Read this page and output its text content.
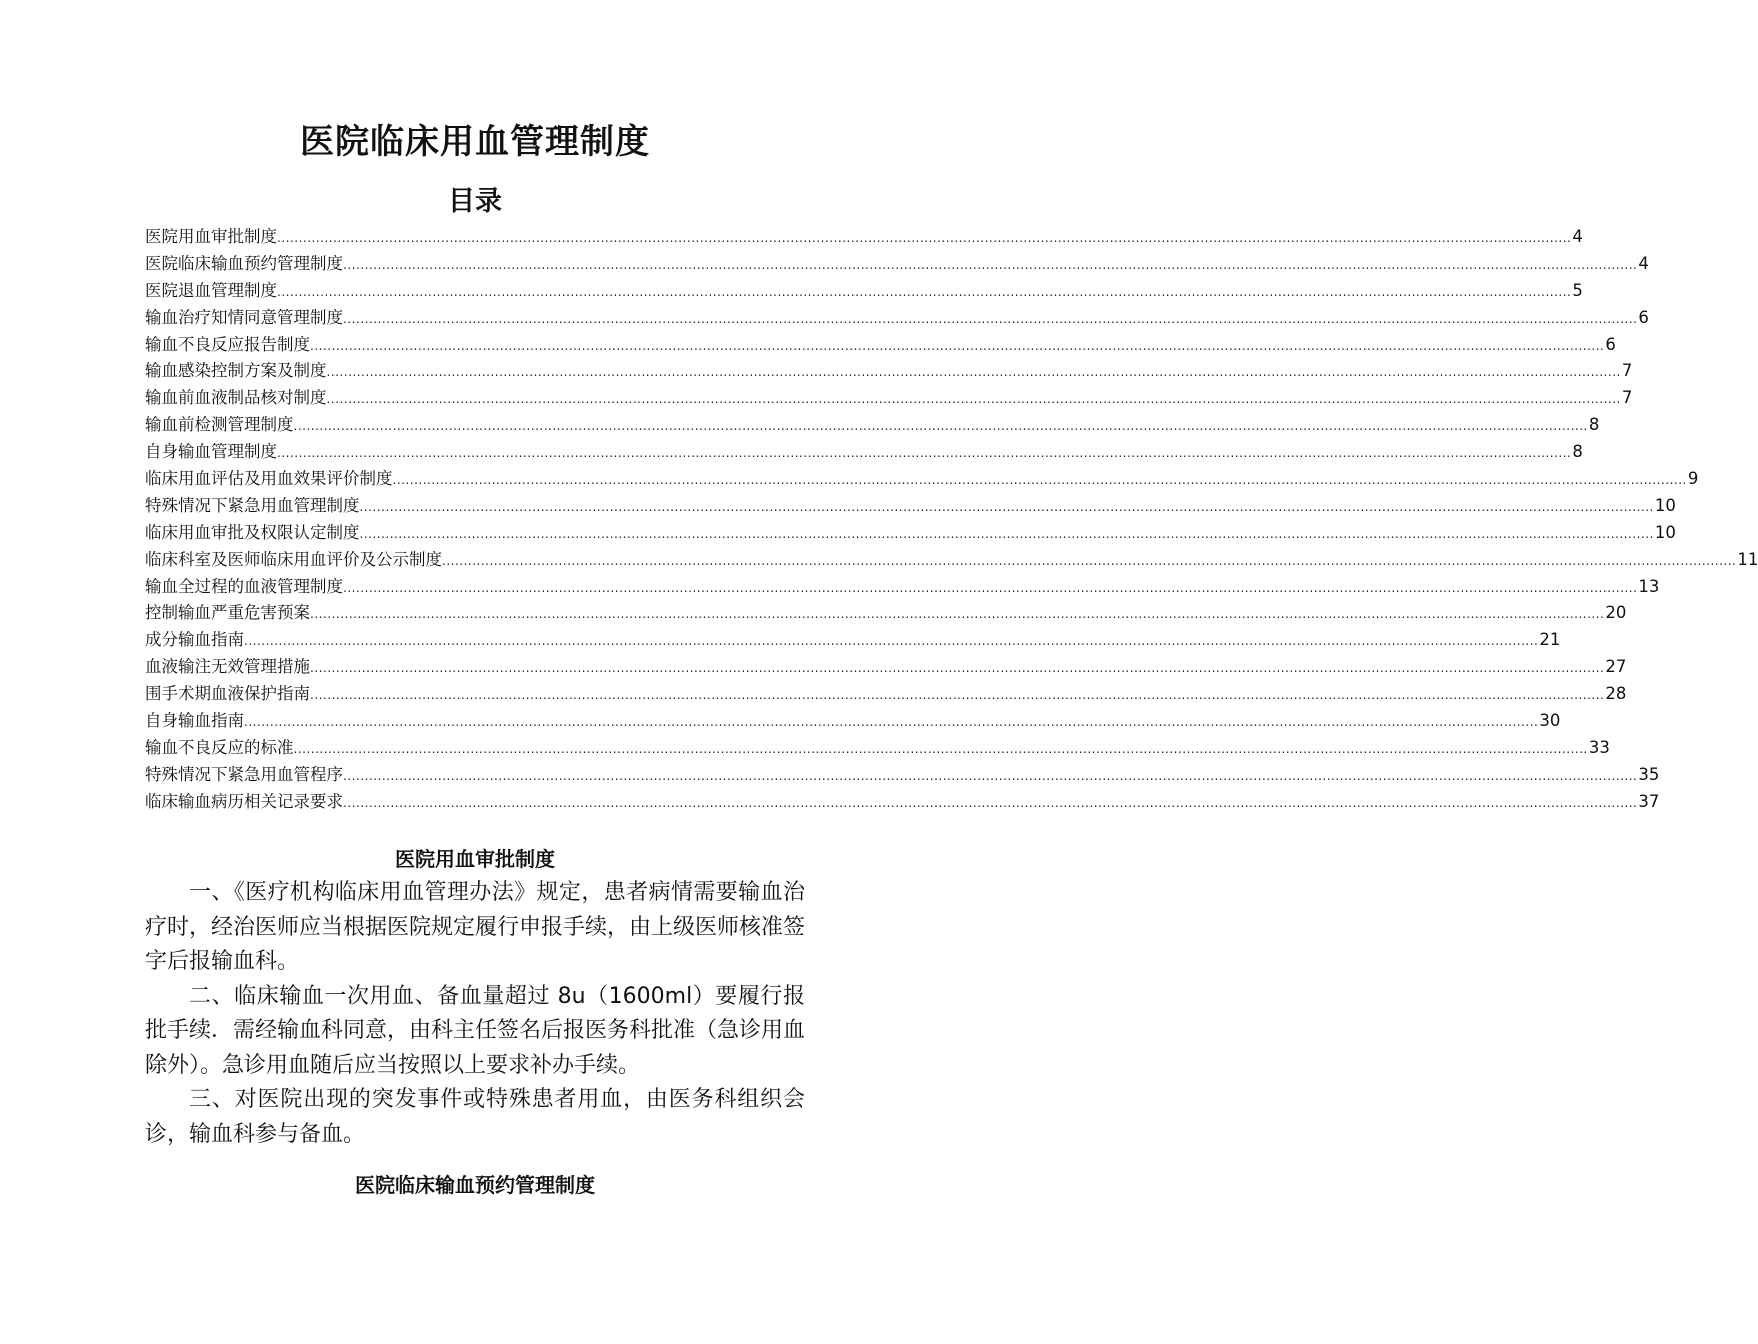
医院临床用血管理制度
目录
医院用血审批制度 ............................................................................................................................................................................................................................................................................................................ 4
医院临床输血预约管理制度 ............................................................................................................................................................................................................................................................................................................ 4
医院退血管理制度 ............................................................................................................................................................................................................................................................................................................ 5
输血治疗知情同意管理制度 ............................................................................................................................................................................................................................................................................................................ 6
输血不良反应报告制度 ............................................................................................................................................................................................................................................................................................................ 6
输血感染控制方案及制度 ............................................................................................................................................................................................................................................................................................................ 7
输血前血液制品核对制度 ............................................................................................................................................................................................................................................................................................................ 7
输血前检测管理制度 ............................................................................................................................................................................................................................................................................................................ 8
自身输血管理制度 ............................................................................................................................................................................................................................................................................................................ 8
临床用血评估及用血效果评价制度 ............................................................................................................................................................................................................................................................................................................ 9
特殊情况下紧急用血管理制度 ............................................................................................................................................................................................................................................................................................................ 10
临床用血审批及权限认定制度 ............................................................................................................................................................................................................................................................................................................ 10
临床科室及医师临床用血评价及公示制度 ............................................................................................................................................................................................................................................................................................................ 11
输血全过程的血液管理制度 ............................................................................................................................................................................................................................................................................................................ 13
控制输血严重危害预案 ............................................................................................................................................................................................................................................................................................................ 20
成分输血指南 ............................................................................................................................................................................................................................................................................................................ 21
血液输注无效管理措施 ............................................................................................................................................................................................................................................................................................................ 27
围手术期血液保护指南 ............................................................................................................................................................................................................................................................................................................ 28
自身输血指南 ............................................................................................................................................................................................................................................................................................................ 30
输血不良反应的标准 ............................................................................................................................................................................................................................................................................................................ 33
特殊情况下紧急用血管程序 ............................................................................................................................................................................................................................................................................................................ 35
临床输血病历相关记录要求 ............................................................................................................................................................................................................................................................................................................ 37
医院用血审批制度

一、《医疗机构临床用血管理办法》规定，患者病情需要输血治疗时，经治医师应当根据医院规定履行申报手续，由上级医师核准签字后报输血科。

二、临床输血一次用血、备血量超过 8u（1600ml）要履行报批手续．需经输血科同意，由科主任签名后报医务科批准（急诊用血除外）。急诊用血随后应当按照以上要求补办手续。

三、对医院出现的突发事件或特殊患者用血，由医务科组织会诊，输血科参与备血。

医院临床输血预约管理制度
